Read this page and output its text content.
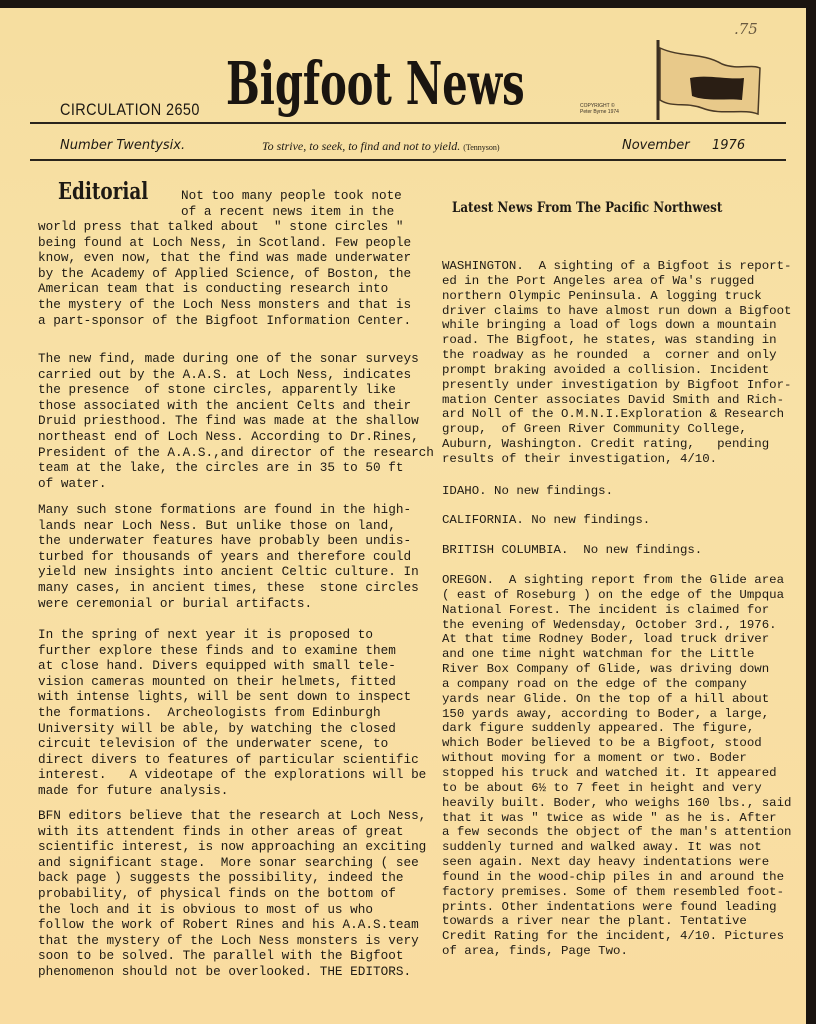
.75
CIRCULATION 2650 Bigfoot News	COPYRIGHT ©
Peter Byrne 1974
Number Twentysix.	To strive, to seek, to find and not to yield. (Tennyson)	November 1976
Editorial	Not too many people took note
of a recent news item in the
world press that talked about  " stone circles "
being found at Loch Ness, in Scotland. Few people
know, even now, that the find was made underwater
by the Academy of Applied Science, of Boston, the
American team that is conducting research into
the mystery of the Loch Ness monsters and that is
a part-sponsor of the Bigfoot Information Center.
The new find, made during one of the sonar surveys
carried out by the A.A.S. at Loch Ness, indicates
the presence  of stone circles, apparently like
those associated with the ancient Celts and their
Druid priesthood. The find was made at the shallow
northeast end of Loch Ness. According to Dr.Rines,
President of the A.A.S.,and director of the research
team at the lake, the circles are in 35 to 50 ft
of water.
Many such stone formations are found in the high-
lands near Loch Ness. But unlike those on land,
the underwater features have probably been undis-
turbed for thousands of years and therefore could
yield new insights into ancient Celtic culture. In
many cases, in ancient times, these  stone circles
were ceremonial or burial artifacts.
In the spring of next year it is proposed to
further explore these finds and to examine them
at close hand. Divers equipped with small tele-
vision cameras mounted on their helmets, fitted
with intense lights, will be sent down to inspect
the formations.  Archeologists from Edinburgh
University will be able, by watching the closed
circuit television of the underwater scene, to
direct divers to features of particular scientific
interest.   A videotape of the explorations will be
made for future analysis.
BFN editors believe that the research at Loch Ness,
with its attendent finds in other areas of great
scientific interest, is now approaching an exciting
and significant stage.  More sonar searching ( see
back page ) suggests the possibility, indeed the
probability, of physical finds on the bottom of
the loch and it is obvious to most of us who
follow the work of Robert Rines and his A.A.S.team
that the mystery of the Loch Ness monsters is very
soon to be solved. The parallel with the Bigfoot
phenomenon should not be overlooked. THE EDITORS.
Latest News From The Pacific Northwest
WASHINGTON.  A sighting of a Bigfoot is report-
ed in the Port Angeles area of Wa's rugged
northern Olympic Peninsula. A logging truck
driver claims to have almost run down a Bigfoot
while bringing a load of logs down a mountain
road. The Bigfoot, he states, was standing in
the roadway as he rounded  a  corner and only
prompt braking avoided a collision. Incident
presently under investigation by Bigfoot Infor-
mation Center associates David Smith and Rich-
ard Noll of the O.M.N.I.Exploration & Research
group,  of Green River Community College,
Auburn, Washington. Credit rating,   pending
results of their investigation, 4/10.
IDAHO. No new findings.
CALIFORNIA. No new findings.
BRITISH COLUMBIA.  No new findings.
OREGON.  A sighting report from the Glide area
( east of Roseburg ) on the edge of the Umpqua
National Forest. The incident is claimed for
the evening of Wedensday, October 3rd., 1976.
At that time Rodney Boder, load truck driver
and one time night watchman for the Little
River Box Company of Glide, was driving down
a company road on the edge of the company
yards near Glide. On the top of a hill about
150 yards away, according to Boder, a large,
dark figure suddenly appeared. The figure,
which Boder believed to be a Bigfoot, stood
without moving for a moment or two. Boder
stopped his truck and watched it. It appeared
to be about 6½ to 7 feet in height and very
heavily built. Boder, who weighs 160 lbs., said
that it was " twice as wide " as he is. After
a few seconds the object of the man's attention
suddenly turned and walked away. It was not
seen again. Next day heavy indentations were
found in the wood-chip piles in and around the
factory premises. Some of them resembled foot-
prints. Other indentations were found leading
towards a river near the plant. Tentative
Credit Rating for the incident, 4/10. Pictures
of area, finds, Page Two.
